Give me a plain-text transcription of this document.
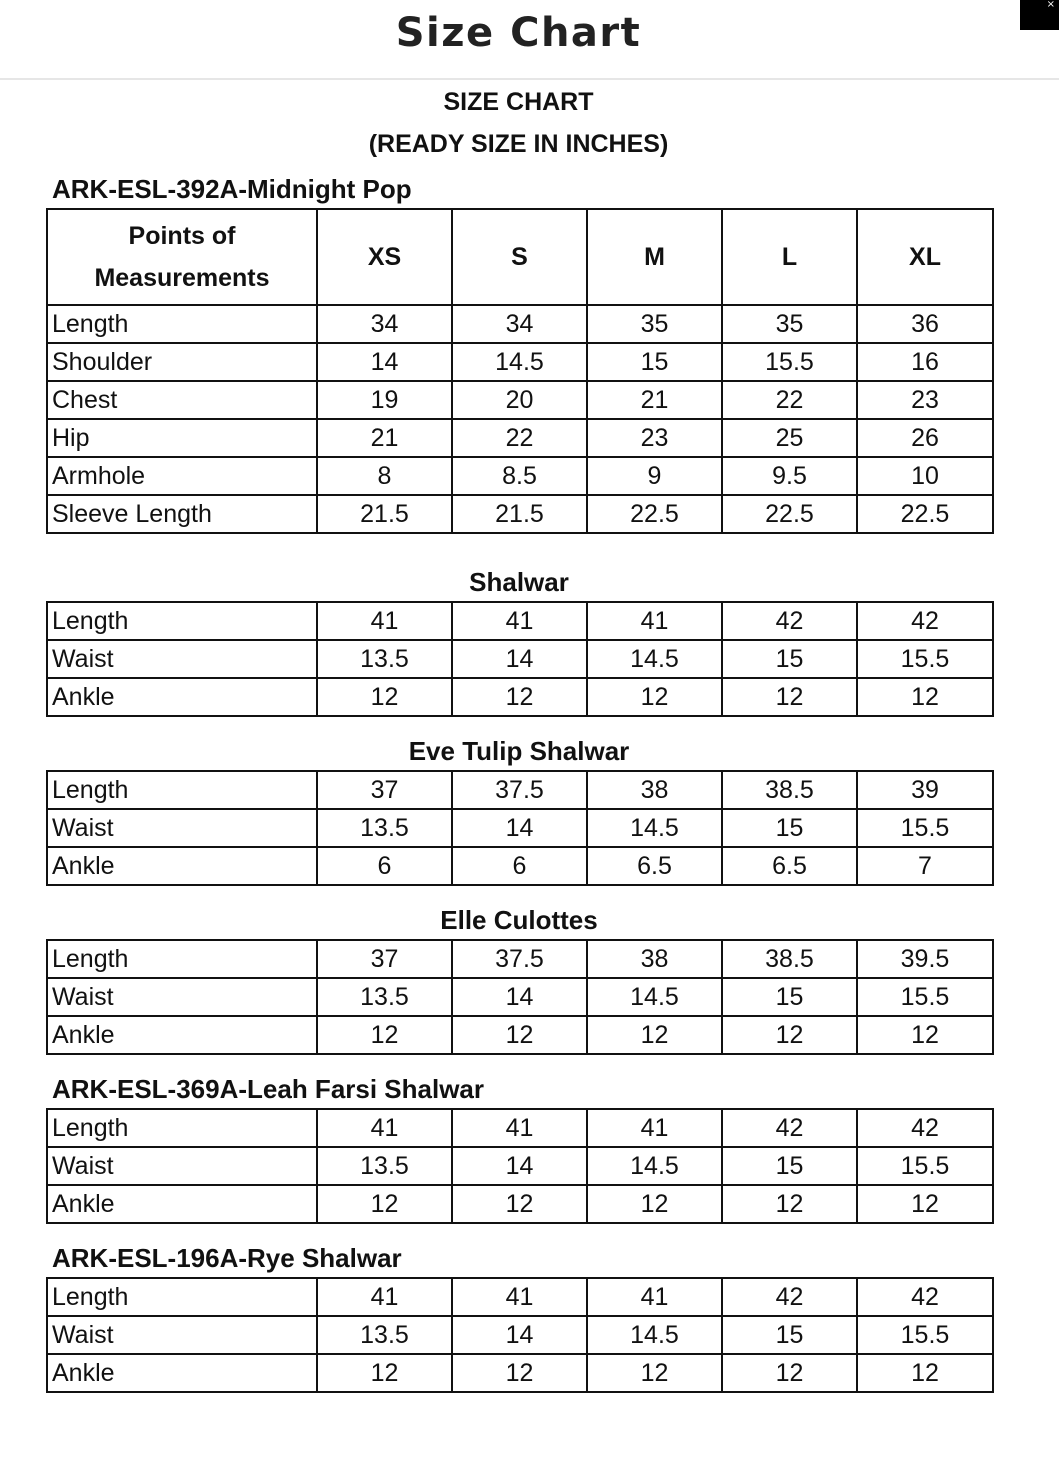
Size Chart
×
SIZE CHART
(READY SIZE IN INCHES)
ARK-ESL-392A-Midnight Pop
Points of Measurements	XS	S	M	L	XL
Length	34	34	35	35	36
Shoulder	14	14.5	15	15.5	16
Chest	19	20	21	22	23
Hip	21	22	23	25	26
Armhole	8	8.5	9	9.5	10
Sleeve Length	21.5	21.5	22.5	22.5	22.5
Shalwar
Length	41	41	41	42	42
Waist	13.5	14	14.5	15	15.5
Ankle	12	12	12	12	12
Eve Tulip Shalwar
Length	37	37.5	38	38.5	39
Waist	13.5	14	14.5	15	15.5
Ankle	6	6	6.5	6.5	7
Elle Culottes
Length	37	37.5	38	38.5	39.5
Waist	13.5	14	14.5	15	15.5
Ankle	12	12	12	12	12
ARK-ESL-369A-Leah Farsi Shalwar
Length	41	41	41	42	42
Waist	13.5	14	14.5	15	15.5
Ankle	12	12	12	12	12
ARK-ESL-196A-Rye Shalwar
Length	41	41	41	42	42
Waist	13.5	14	14.5	15	15.5
Ankle	12	12	12	12	12
